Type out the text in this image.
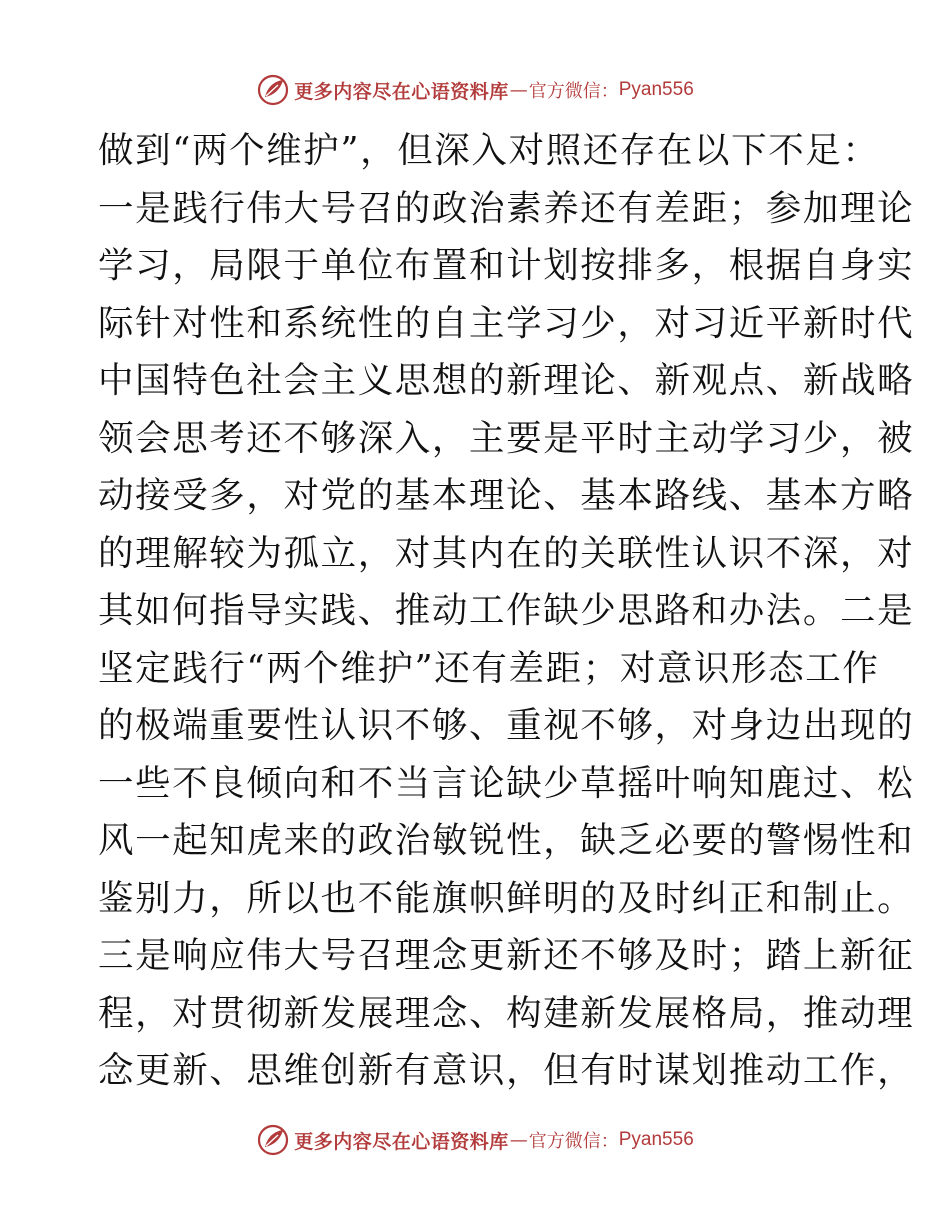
更多内容尽在心语资料库 — 官方微信： Pyan556
做到“两个维护”，但深入对照还存在以下不足：
一是践行伟大号召的政治素养还有差距；参加理论
学习，局限于单位布置和计划按排多，根据自身实
际针对性和系统性的自主学习少，对习近平新时代
中国特色社会主义思想的新理论、新观点、新战略
领会思考还不够深入，主要是平时主动学习少，被
动接受多，对党的基本理论、基本路线、基本方略
的理解较为孤立，对其内在的关联性认识不深，对
其如何指导实践、推动工作缺少思路和办法。二是
坚定践行“两个维护”还有差距；对意识形态工作
的极端重要性认识不够、重视不够，对身边出现的
一些不良倾向和不当言论缺少草摇叶响知鹿过、松
风一起知虎来的政治敏锐性，缺乏必要的警惕性和
鉴别力，所以也不能旗帜鲜明的及时纠正和制止。
三是响应伟大号召理念更新还不够及时；踏上新征
程，对贯彻新发展理念、构建新发展格局，推动理
念更新、思维创新有意识，但有时谋划推动工作，
更多内容尽在心语资料库 — 官方微信： Pyan556
